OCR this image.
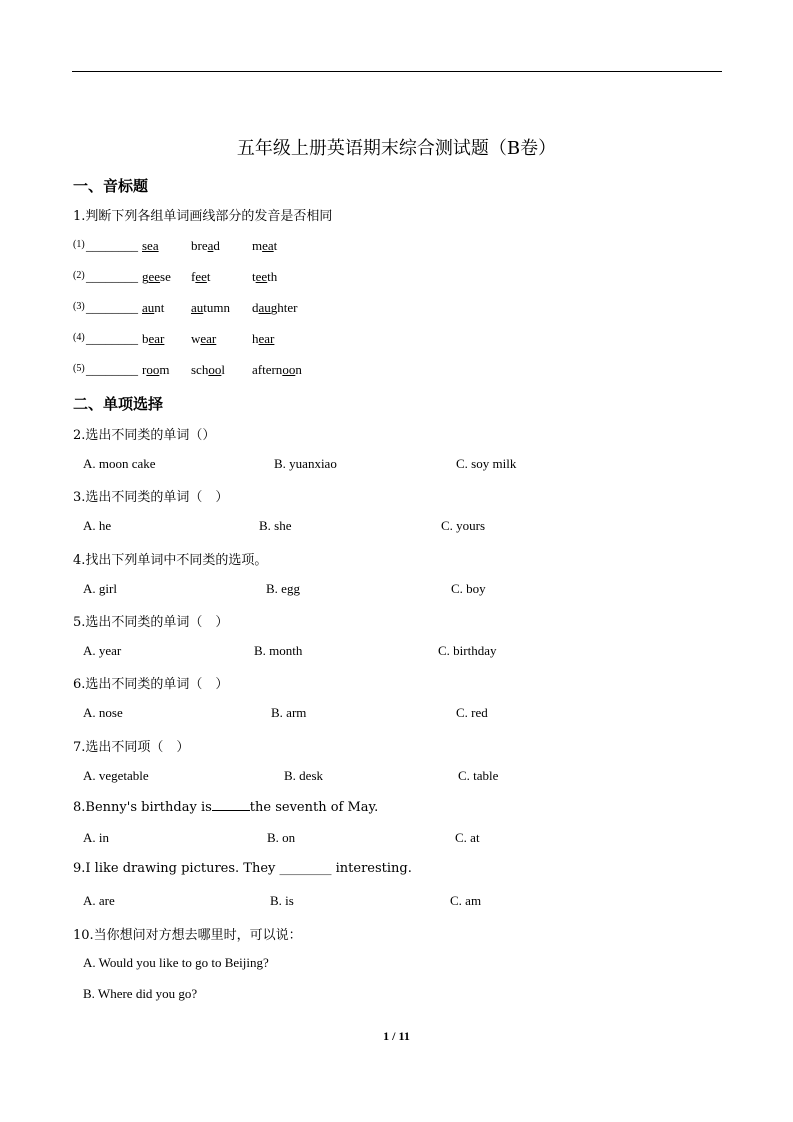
五年级上册英语期末综合测试题（B卷）
一、音标题
1.判断下列各组单词画线部分的发音是否相同
(1) ________ sea bread meat
(2) ________ geese feet	teeth
(3) ________ aunt autumn daughter
(4) ________ bear wear	hear
(5) ________ room school afternoon
二、单项选择
2.选出不同类的单词（）
A. moon cake	B. yuanxiao	C. soy milk
3.选出不同类的单词（　）
A. he	B. she	C. yours
4.找出下列单词中不同类的选项。
A. girl	B. egg	C. boy
5.选出不同类的单词（　）
A. year	B. month	C. birthday
6.选出不同类的单词（　）
A. nose	B. arm	C. red
7.选出不同项（　）
A. vegetable	B. desk	C. table
8.Benny's birthday is	the seventh of May.
A. in	B. on	C. at
9.I like drawing pictures. They ________ interesting.
A. are	B. is	C. am
10.当你想问对方想去哪里时，可以说：
A. Would you like to go to Beijing?
B. Where did you go?
1 / 11
